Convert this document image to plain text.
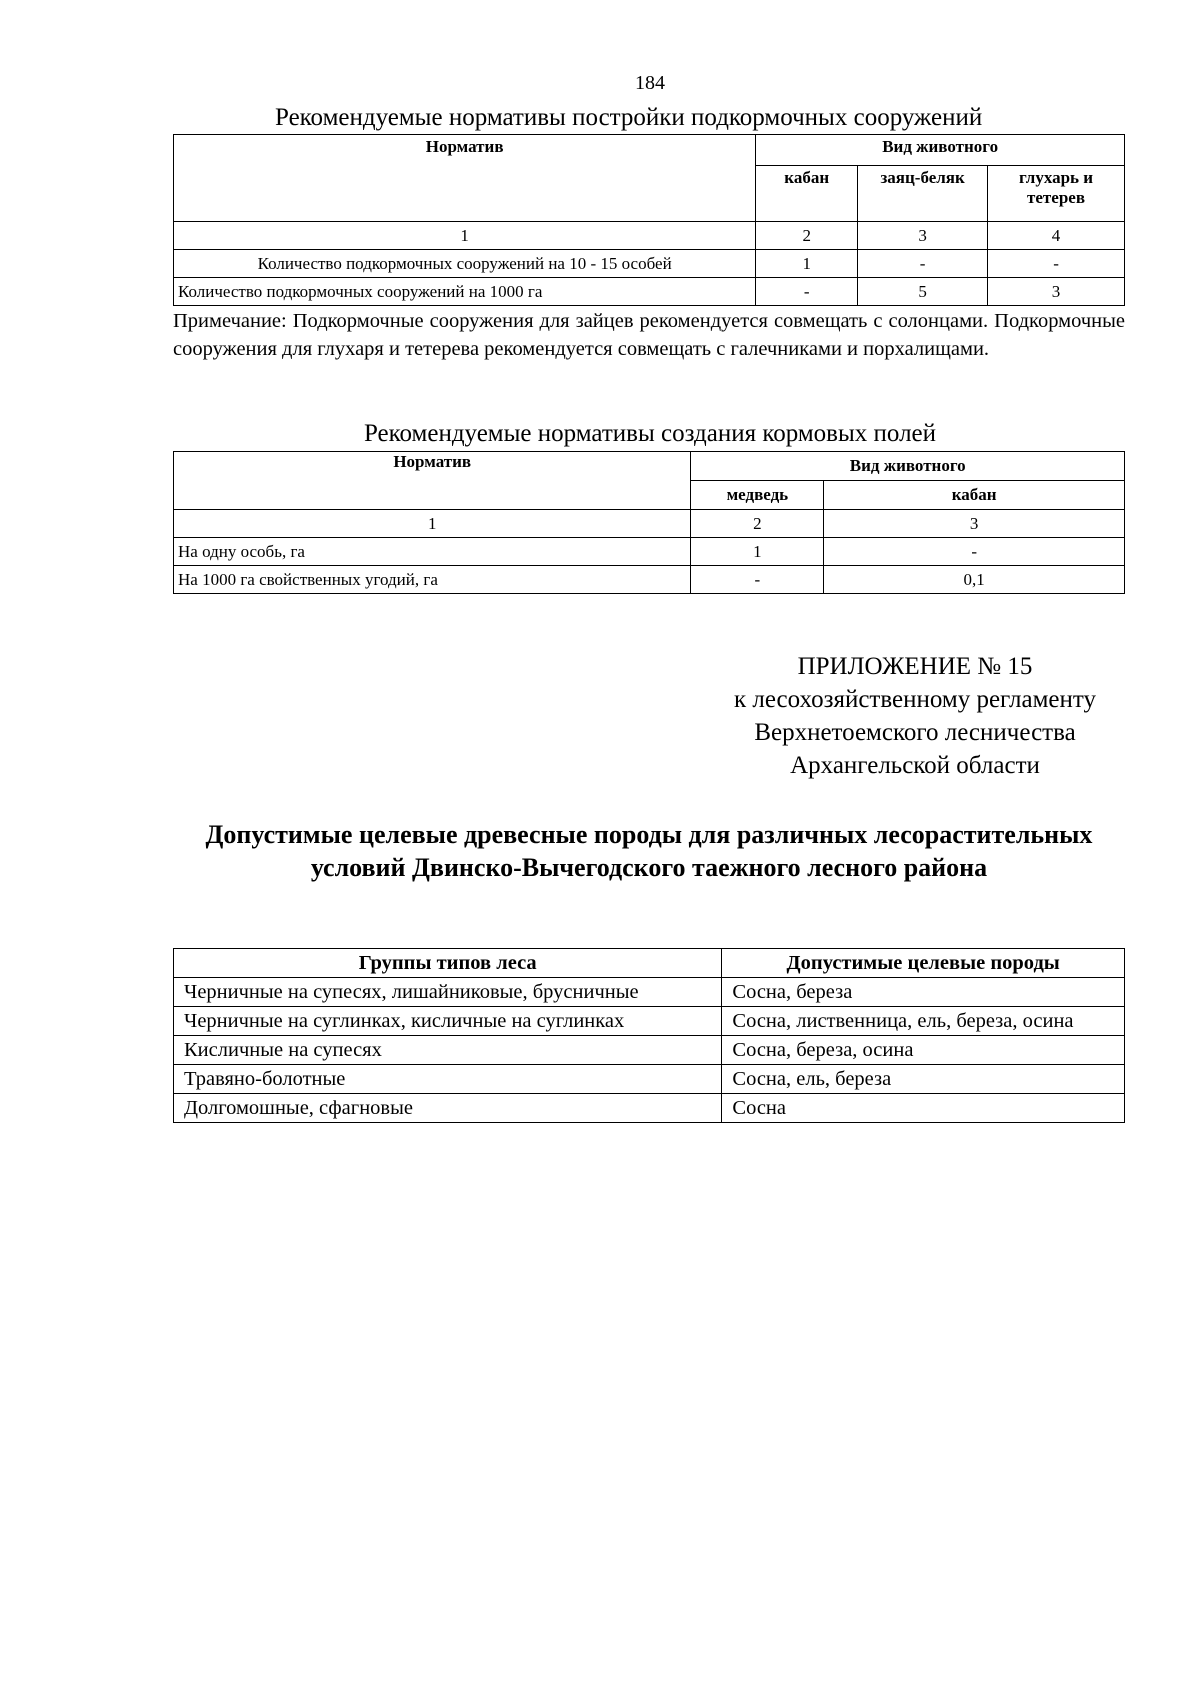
184
Рекомендуемые нормативы постройки подкормочных сооружений
Норматив	Вид животного		
	кабан	заяц-беляк	глухарь и тетерев
1	2	3	4
Количество подкормочных сооружений на 10 - 15 особей	1	-	-
Количество подкормочных сооружений на 1000 га	-	5	3
Примечание: Подкормочные сооружения для зайцев рекомендуется совмещать с солонцами. Подкормочные сооружения для глухаря и тетерева рекомендуется совмещать с галечниками и порхалищами.
Рекомендуемые нормативы создания кормовых полей
Норматив	Вид животного	
	медведь	кабан
1	2	3
На одну особь, га	1	-
На 1000 га свойственных угодий, га	-	0,1
ПРИЛОЖЕНИЕ № 15
к лесохозяйственному регламенту
Верхнетоемского лесничества
Архангельской области
Допустимые целевые древесные породы для различных лесорастительных условий Двинско-Вычегодского таежного лесного района
Группы типов леса	Допустимые целевые породы
Черничные на супесях, лишайниковые, брусничные	Сосна, береза
Черничные на суглинках, кисличные на суглинках	Сосна, лиственница, ель, береза, осина
Кисличные на супесях	Сосна, береза, осина
Травяно-болотные	Сосна, ель, береза
Долгомошные, сфагновые	Сосна
